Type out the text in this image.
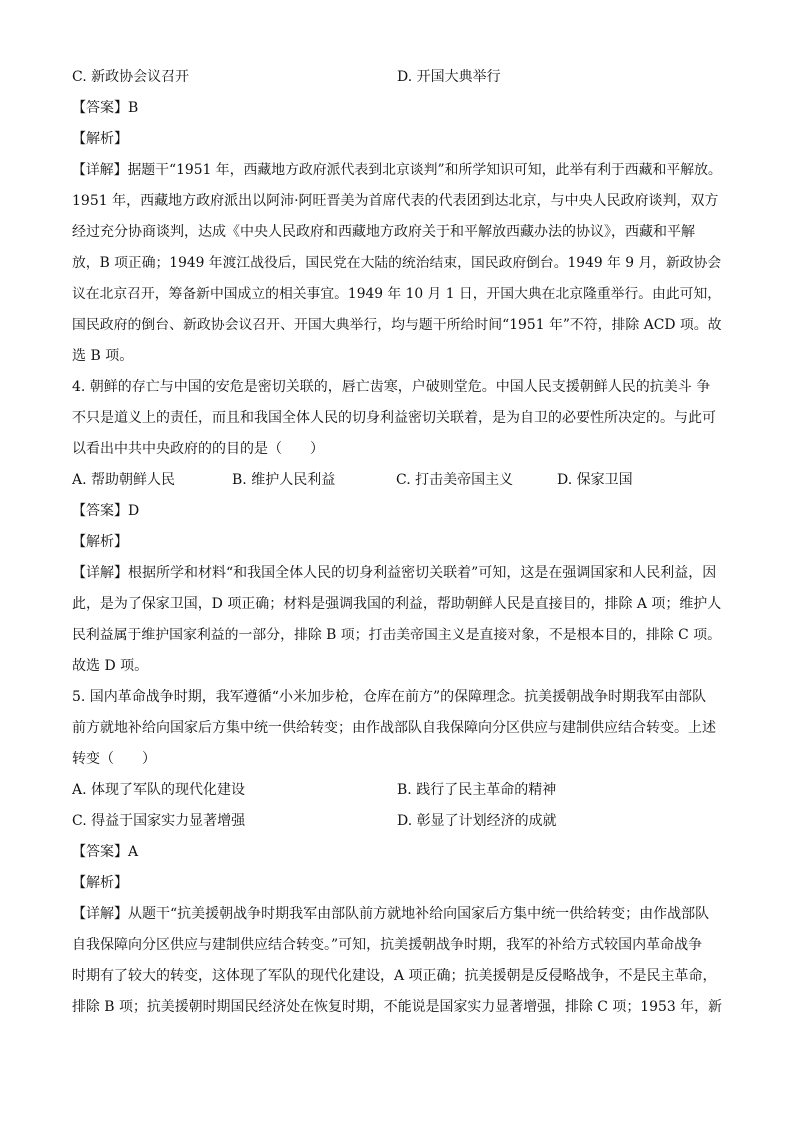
C. 新政协会议召开	D. 开国大典举行
【答案】B
【解析】
【详解】据题干“1951 年，西藏地方政府派代表到北京谈判”和所学知识可知，此举有利于西藏和平解放。
1951 年，西藏地方政府派出以阿沛·阿旺晋美为首席代表的代表团到达北京，与中央人民政府谈判，双方
经过充分协商谈判，达成《中央人民政府和西藏地方政府关于和平解放西藏办法的协议》，西藏和平解
放，B 项正确；1949 年渡江战役后，国民党在大陆的统治结束，国民政府倒台。1949 年 9 月，新政协会
议在北京召开，筹备新中国成立的相关事宜。1949 年 10 月 1 日，开国大典在北京隆重举行。由此可知，
国民政府的倒台、新政协会议召开、开国大典举行，均与题干所给时间“1951 年”不符，排除 ACD 项。故
选 B 项。
4. 朝鲜的存亡与中国的安危是密切关联的，唇亡齿寒，户破则堂危。中国人民支援朝鲜人民的抗美斗 争
不只是道义上的责任，而且和我国全体人民的切身利益密切关联着，是为自卫的必要性所决定的。与此可
以看出中共中央政府的的目的是（　　）
A. 帮助朝鲜人民	B. 维护人民利益	C. 打击美帝国主义	D. 保家卫国
【答案】D
【解析】
【详解】根据所学和材料“和我国全体人民的切身利益密切关联着”可知，这是在强调国家和人民利益，因
此，是为了保家卫国，D 项正确；材料是强调我国的利益，帮助朝鲜人民是直接目的，排除 A 项；维护人
民利益属于维护国家利益的一部分，排除 B 项；打击美帝国主义是直接对象，不是根本目的，排除 C 项。
故选 D 项。
5. 国内革命战争时期，我军遵循“小米加步枪，仓库在前方”的保障理念。抗美援朝战争时期我军由部队
前方就地补给向国家后方集中统一供给转变；由作战部队自我保障向分区供应与建制供应结合转变。上述
转变（　　）
A. 体现了军队的现代化建设	B. 践行了民主革命的精神
C. 得益于国家实力显著增强	D. 彰显了计划经济的成就
【答案】A
【解析】
【详解】从题干“抗美援朝战争时期我军由部队前方就地补给向国家后方集中统一供给转变；由作战部队
自我保障向分区供应与建制供应结合转变。”可知，抗美援朝战争时期，我军的补给方式较国内革命战争
时期有了较大的转变，这体现了军队的现代化建设，A 项正确；抗美援朝是反侵略战争，不是民主革命，
排除 B 项；抗美援朝时期国民经济处在恢复时期，不能说是国家实力显著增强，排除 C 项；1953 年，新
